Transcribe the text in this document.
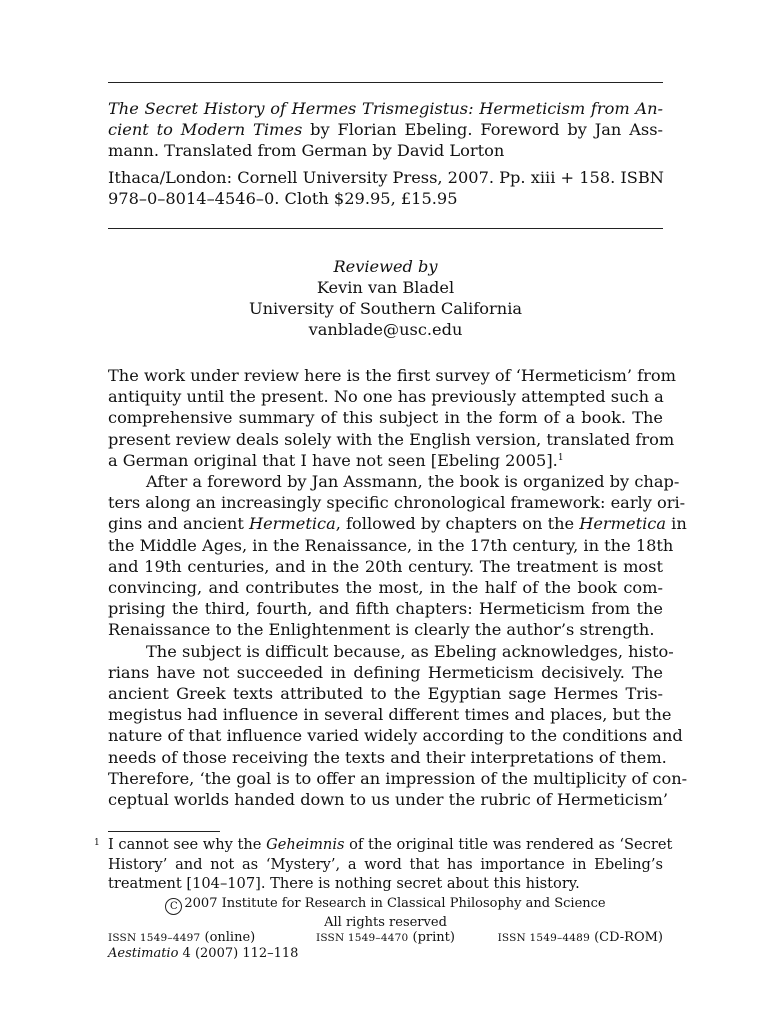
The Secret History of Hermes Trismegistus: Hermeticism from An-
cient to Modern Times by Florian Ebeling. Foreword by Jan Ass-
mann. Translated from German by David Lorton
Ithaca/London: Cornell University Press, 2007. Pp. xiii + 158. ISBN
978–0–8014–4546–0. Cloth $29.95, £15.95
Reviewed by
Kevin van Bladel
University of Southern California
vanblade@usc.edu
The work under review here is the first survey of ‘Hermeticism’ from
antiquity until the present. No one has previously attempted such a
comprehensive summary of this subject in the form of a book. The
present review deals solely with the English version, translated from
a German original that I have not seen [Ebeling 2005].$^1$
After a foreword by Jan Assmann, the book is organized by chap-
ters along an increasingly specific chronological framework: early ori-
gins and ancient Hermetica, followed by chapters on the Hermetica in
the Middle Ages, in the Renaissance, in the 17th century, in the 18th
and 19th centuries, and in the 20th century. The treatment is most
convincing, and contributes the most, in the half of the book com-
prising the third, fourth, and fifth chapters: Hermeticism from the
Renaissance to the Enlightenment is clearly the author’s strength.
The subject is difficult because, as Ebeling acknowledges, histo-
rians have not succeeded in defining Hermeticism decisively. The
ancient Greek texts attributed to the Egyptian sage Hermes Tris-
megistus had influence in several different times and places, but the
nature of that influence varied widely according to the conditions and
needs of those receiving the texts and their interpretations of them.
Therefore, ‘the goal is to offer an impression of the multiplicity of con-
ceptual worlds handed down to us under the rubric of Hermeticism’
1 I cannot see why the Geheimnis of the original title was rendered as ‘Secret
History’ and not as ‘Mystery’, a word that has importance in Ebeling’s
treatment [104–107]. There is nothing secret about this history.
C 2007 Institute for Research in Classical Philosophy and Science
All rights reserved
ISSN 1549–4497 (online)	ISSN 1549–4470 (print)	ISSN 1549–4489 (CD-ROM)
Aestimatio 4 (2007) 112–118
